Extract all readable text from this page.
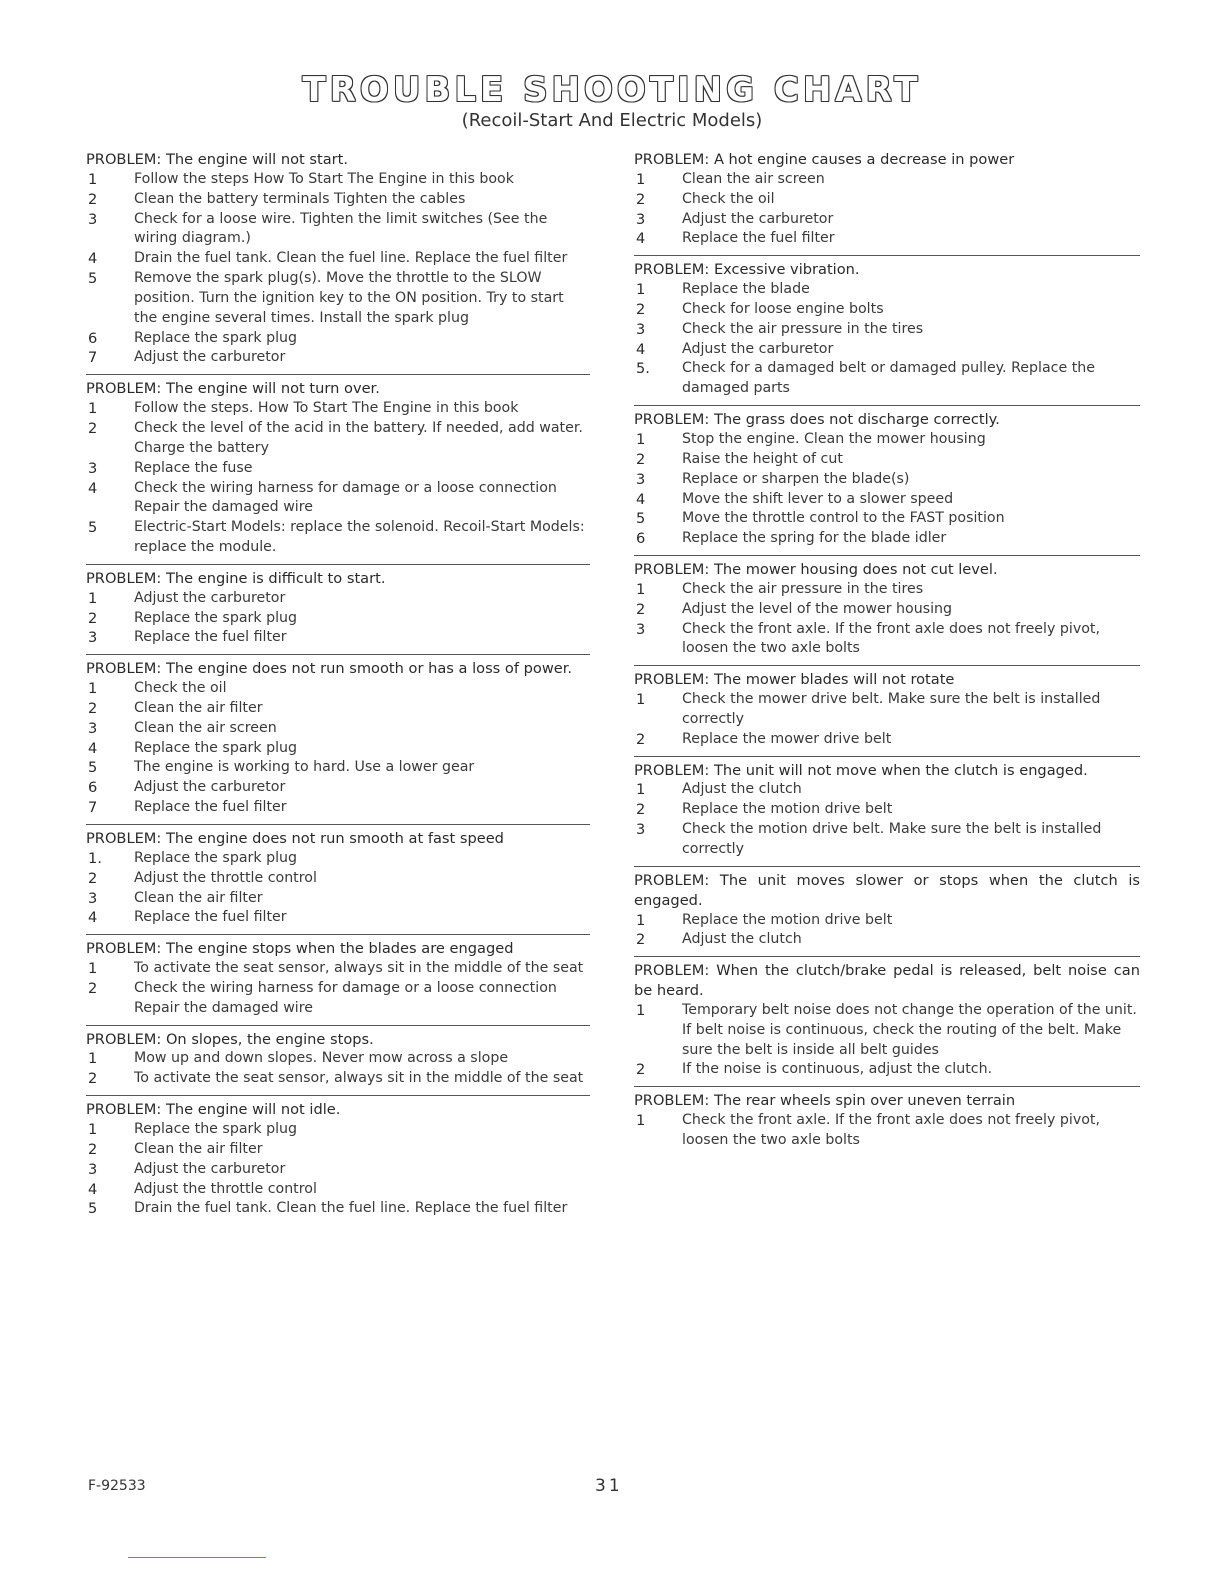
TROUBLE SHOOTING CHART
(Recoil-Start And Electric Models)

PROBLEM: The engine will not start.

1	Follow the steps How To Start The Engine in this book
2	Clean the battery terminals Tighten the cables
3	Check for a loose wire. Tighten the limit switches (See the wiring diagram.)
4	Drain the fuel tank. Clean the fuel line. Replace the fuel filter
5	Remove the spark plug(s). Move the throttle to the SLOW position. Turn the ignition key to the ON position. Try to start the engine several times. Install the spark plug
6	Replace the spark plug
7	Adjust the carburetor

PROBLEM: The engine will not turn over.

1	Follow the steps. How To Start The Engine in this book
2	Check the level of the acid in the battery. If needed, add water. Charge the battery
3	Replace the fuse
4	Check the wiring harness for damage or a loose connection Repair the damaged wire
5	Electric-Start Models: replace the solenoid. Recoil-Start Models: replace the module.

PROBLEM: The engine is difficult to start.

1	Adjust the carburetor
2	Replace the spark plug
3	Replace the fuel filter

PROBLEM: The engine does not run smooth or has a loss of power.

1	Check the oil
2	Clean the air filter
3	Clean the air screen
4	Replace the spark plug
5	The engine is working to hard. Use a lower gear
6	Adjust the carburetor
7	Replace the fuel filter

PROBLEM: The engine does not run smooth at fast speed

1.	Replace the spark plug
2	Adjust the throttle control
3	Clean the air filter
4	Replace the fuel filter

PROBLEM: The engine stops when the blades are engaged

1	To activate the seat sensor, always sit in the middle of the seat
2	Check the wiring harness for damage or a loose connection Repair the damaged wire

PROBLEM: On slopes, the engine stops.

1	Mow up and down slopes. Never mow across a slope
2	To activate the seat sensor, always sit in the middle of the seat

PROBLEM: The engine will not idle.

1	Replace the spark plug
2	Clean the air filter
3	Adjust the carburetor
4	Adjust the throttle control
5	Drain the fuel tank. Clean the fuel line. Replace the fuel filter

PROBLEM: A hot engine causes a decrease in power

1	Clean the air screen
2	Check the oil
3	Adjust the carburetor
4	Replace the fuel filter

PROBLEM: Excessive vibration.

1	Replace the blade
2	Check for loose engine bolts
3	Check the air pressure in the tires
4	Adjust the carburetor
5.	Check for a damaged belt or damaged pulley. Replace the damaged parts

PROBLEM: The grass does not discharge correctly.

1	Stop the engine. Clean the mower housing
2	Raise the height of cut
3	Replace or sharpen the blade(s)
4	Move the shift lever to a slower speed
5	Move the throttle control to the FAST position
6	Replace the spring for the blade idler

PROBLEM: The mower housing does not cut level.

1	Check the air pressure in the tires
2	Adjust the level of the mower housing
3	Check the front axle. If the front axle does not freely pivot, loosen the two axle bolts

PROBLEM: The mower blades will not rotate

1	Check the mower drive belt. Make sure the belt is installed correctly
2	Replace the mower drive belt

PROBLEM: The unit will not move when the clutch is engaged.

1	Adjust the clutch
2	Replace the motion drive belt
3	Check the motion drive belt. Make sure the belt is installed correctly

PROBLEM: The unit moves slower or stops when the clutch is engaged.

1	Replace the motion drive belt
2	Adjust the clutch

PROBLEM: When the clutch/brake pedal is released, belt noise can be heard.

1	Temporary belt noise does not change the operation of the unit. If belt noise is continuous, check the routing of the belt. Make sure the belt is inside all belt guides
2	If the noise is continuous, adjust the clutch.

PROBLEM: The rear wheels spin over uneven terrain

1	Check the front axle. If the front axle does not freely pivot, loosen the two axle bolts
F-92533	31
